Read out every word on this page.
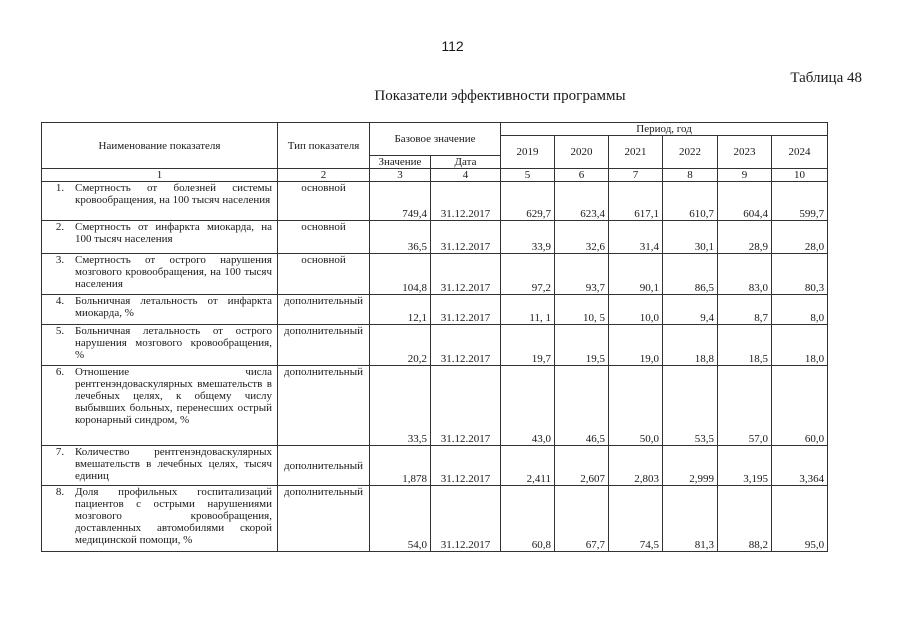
112
Таблица 48
Показатели эффективности программы
Наименование показателя	Тип показателя	Базовое значение		Период, год					
				2019	2020	2021	2022	2023	2024
		Значение	Дата						
1	2	3	4	5	6	7	8	9	10

1. Смертность от болезней системы кровообращения, на 100 тысяч населения	основной	749,4	31.12.2017	629,7	623,4	617,1	610,7	604,4	599,7

2. Смертность от инфаркта миокарда, на 100 тысяч населения	основной	36,5	31.12.2017	33,9	32,6	31,4	30,1	28,9	28,0

3. Смертность от острого нарушения мозгового кровообращения, на 100 тысяч населения	основной	104,8	31.12.2017	97,2	93,7	90,1	86,5	83,0	80,3

4. Больничная летальность от инфаркта миокарда, %	дополнительный	12,1	31.12.2017	11, 1	10, 5	10,0	9,4	8,7	8,0

5. Больничная летальность от острого нарушения мозгового кровообращения, %	дополнительный	20,2	31.12.2017	19,7	19,5	19,0	18,8	18,5	18,0

6. Отношение числа рентгенэндоваскулярных вмешательств в лечебных целях, к общему числу выбывших больных, перенесших острый коронарный синдром, %	дополнительный	33,5	31.12.2017	43,0	46,5	50,0	53,5	57,0	60,0

7. Количество рентгенэндоваскулярных вмешательств в лечебных целях, тысяч единиц	дополнительный	1,878	31.12.2017	2,411	2,607	2,803	2,999	3,195	3,364

8. Доля профильных госпитализаций пациентов с острыми нарушениями мозгового кровообращения, доставленных автомобилями скорой медицинской помощи, %	дополнительный	54,0	31.12.2017	60,8	67,7	74,5	81,3	88,2	95,0
